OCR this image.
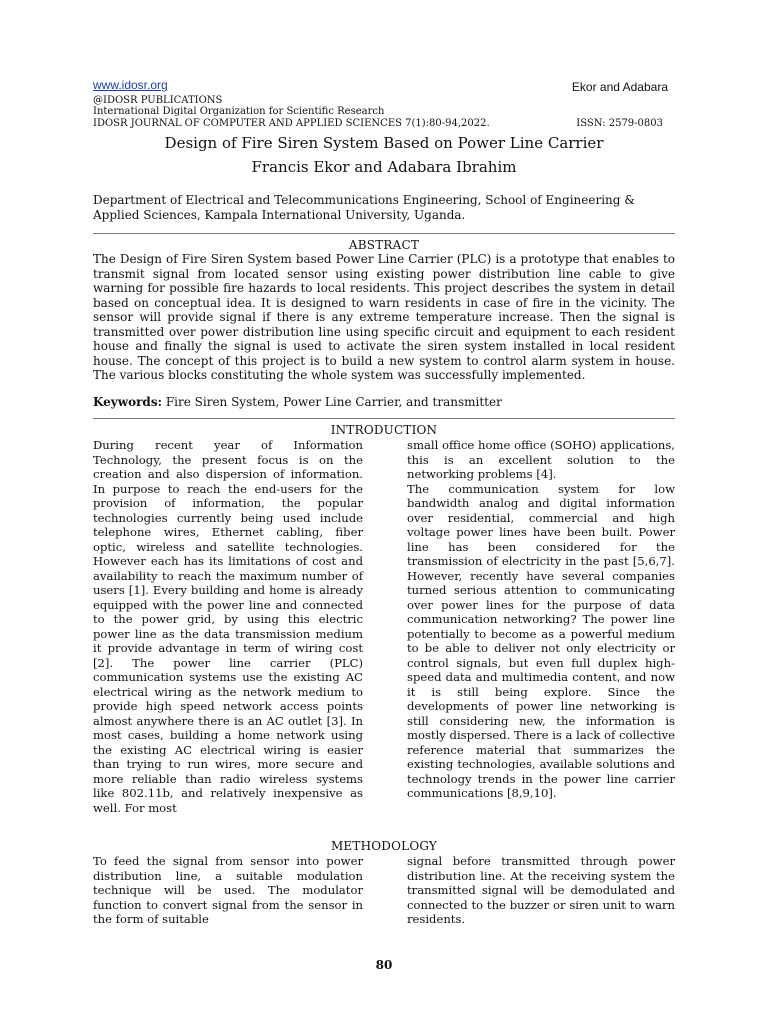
www.idosr.org	Ekor and Adabara
@IDOSR PUBLICATIONS
International Digital Organization for Scientific Research
IDOSR JOURNAL OF COMPUTER AND APPLIED SCIENCES 7(1):80-94,2022.	ISSN: 2579-0803
Design of Fire Siren System Based on Power Line Carrier
Francis Ekor and Adabara Ibrahim
Department of Electrical and Telecommunications Engineering, School of Engineering & Applied Sciences, Kampala International University, Uganda.
ABSTRACT
The Design of Fire Siren System based Power Line Carrier (PLC) is a prototype that enables to transmit signal from located sensor using existing power distribution line cable to give warning for possible fire hazards to local residents. This project describes the system in detail based on conceptual idea. It is designed to warn residents in case of fire in the vicinity. The sensor will provide signal if there is any extreme temperature increase. Then the signal is transmitted over power distribution line using specific circuit and equipment to each resident house and finally the signal is used to activate the siren system installed in local resident house. The concept of this project is to build a new system to control alarm system in house. The various blocks constituting the whole system was successfully implemented.
Keywords: Fire Siren System, Power Line Carrier, and transmitter
INTRODUCTION

During recent year of Information Technology, the present focus is on the creation and also dispersion of information. In purpose to reach the end-users for the provision of information, the popular technologies currently being used include telephone wires, Ethernet cabling, fiber optic, wireless and satellite technologies. However each has its limitations of cost and availability to reach the maximum number of users [1]. Every building and home is already equipped with the power line and connected to the power grid, by using this electric power line as the data transmission medium it provide advantage in term of wiring cost [2]. The power line carrier (PLC) communication systems use the existing AC electrical wiring as the network medium to provide high speed network access points almost anywhere there is an AC outlet [3]. In most cases, building a home network using the existing AC electrical wiring is easier than trying to run wires, more secure and more reliable than radio wireless systems like 802.11b, and relatively inexpensive as well. For most

small office home office (SOHO) applications, this is an excellent solution to the networking problems [4].

The communication system for low bandwidth analog and digital information over residential, commercial and high voltage power lines have been built. Power line has been considered for the transmission of electricity in the past [5,6,7]. However, recently have several companies turned serious attention to communicating over power lines for the purpose of data communication networking? The power line potentially to become as a powerful medium to be able to deliver not only electricity or control signals, but even full duplex high- speed data and multimedia content, and now it is still being explore. Since the developments of power line networking is still considering new, the information is mostly dispersed. There is a lack of collective reference material that summarizes the existing technologies, available solutions and technology trends in the power line carrier communications [8,9,10].

METHODOLOGY

To feed the signal from sensor into power distribution line, a suitable modulation technique will be used. The modulator function to convert signal from the sensor in the form of suitable

signal before transmitted through power distribution line. At the receiving system the transmitted signal will be demodulated and connected to the buzzer or siren unit to warn residents.

80
